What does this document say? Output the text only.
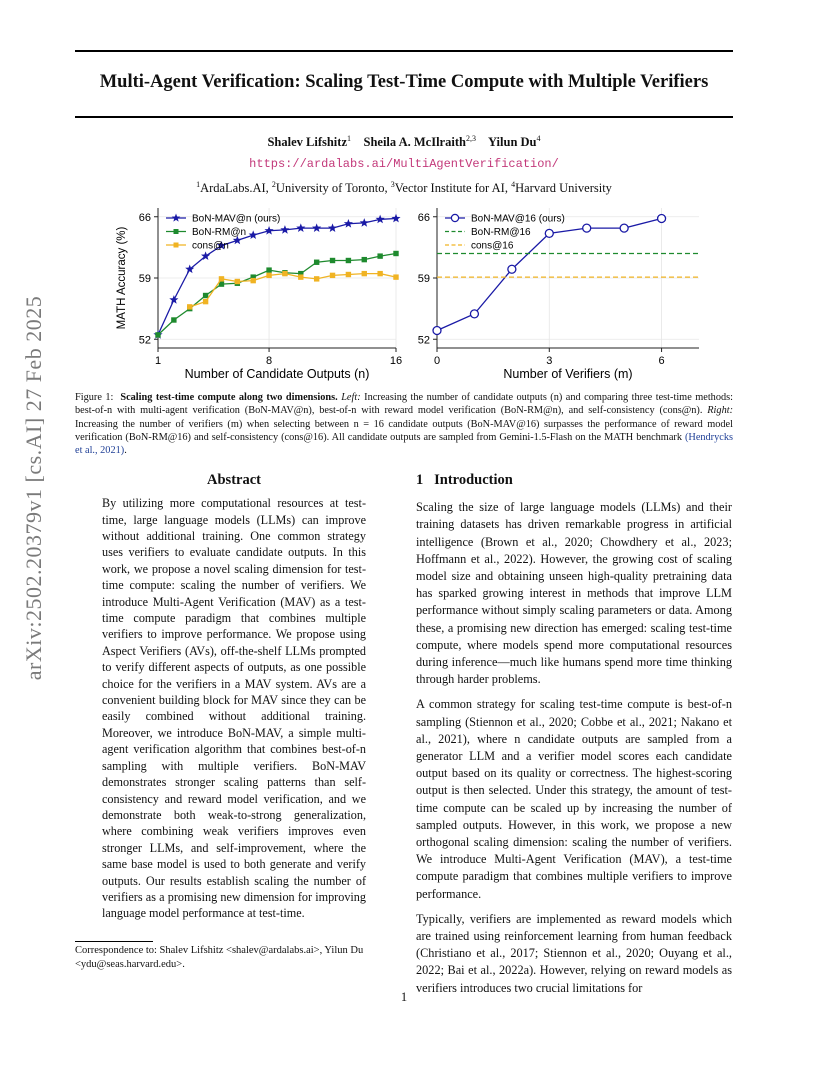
arXiv:2502.20379v1 [cs.AI] 27 Feb 2025
Multi-Agent Verification: Scaling Test-Time Compute with Multiple Verifiers
Shalev Lifshitz$^1$ Sheila A. McIlraith$^{2,3}$ Yilun Du$^4$
https://ardalabs.ai/MultiAgentVerification/
$^1$ArdaLabs.AI, $^2$University of Toronto, $^3$Vector Institute for AI, $^4$Harvard University
52
59
66
1	8	16
Number of Candidate Outputs (n)
MATH Accuracy (%)
BoN-MAV@n (ours)
BoN-RM@n
cons@n
52
59
66
0	3	6
Number of Verifiers (m)
BoN-MAV@16 (ours)
BoN-RM@16
cons@16
Figure 1: Scaling test-time compute along two dimensions. Left: Increasing the number of candidate outputs (n) and comparing three test-time methods: best-of-n with multi-agent verification (BoN-MAV@n), best-of-n with reward model verification (BoN-RM@n), and self-consistency (cons@n). Right: Increasing the number of verifiers (m) when selecting between n = 16 candidate outputs (BoN-MAV@16) surpasses the performance of reward model verification (BoN-RM@16) and self-consistency (cons@16). All candidate outputs are sampled from Gemini-1.5-Flash on the MATH benchmark (Hendrycks et al., 2021).
Abstract

By utilizing more computational resources at test-time, large language models (LLMs) can improve without additional training. One common strategy uses verifiers to evaluate candidate outputs. In this work, we propose a novel scaling dimension for test-time compute: scaling the number of verifiers. We introduce Multi-Agent Verification (MAV) as a test-time compute paradigm that combines multiple verifiers to improve performance. We propose using Aspect Verifiers (AVs), off-the-shelf LLMs prompted to verify different aspects of outputs, as one possible choice for the verifiers in a MAV system. AVs are a convenient building block for MAV since they can be easily combined without additional training. Moreover, we introduce BoN-MAV, a simple multi-agent verification algorithm that combines best-of-n sampling with multiple verifiers. BoN-MAV demonstrates stronger scaling patterns than self-consistency and reward model verification, and we demonstrate both weak-to-strong generalization, where combining weak verifiers improves even stronger LLMs, and self-improvement, where the same base model is used to both generate and verify outputs. Our results establish scaling the number of verifiers as a promising new dimension for improving language model performance at test-time.

Correspondence to: Shalev Lifshitz <shalev@ardalabs.ai>, Yilun Du <ydu@seas.harvard.edu>.
1 Introduction

Scaling the size of large language models (LLMs) and their training datasets has driven remarkable progress in artificial intelligence (Brown et al., 2020; Chowdhery et al., 2023; Hoffmann et al., 2022). However, the growing cost of scaling model size and obtaining unseen high-quality pretraining data has sparked growing interest in methods that improve LLM performance without simply scaling parameters or data. Among these, a promising new direction has emerged: scaling test-time compute, where models spend more computational resources during inference—much like humans spend more time thinking through harder problems.

A common strategy for scaling test-time compute is best-of-n sampling (Stiennon et al., 2020; Cobbe et al., 2021; Nakano et al., 2021), where n candidate outputs are sampled from a generator LLM and a verifier model scores each candidate output based on its quality or correctness. The highest-scoring output is then selected. Under this strategy, the amount of test-time compute can be scaled up by increasing the number of sampled outputs. However, in this work, we propose a new orthogonal scaling dimension: scaling the number of verifiers. We introduce Multi-Agent Verification (MAV), a test-time compute paradigm that combines multiple verifiers to improve performance.

Typically, verifiers are implemented as reward models which are trained using reinforcement learning from human feedback (Christiano et al., 2017; Stiennon et al., 2020; Ouyang et al., 2022; Bai et al., 2022a). However, relying on reward models as verifiers introduces two crucial limitations for

1
